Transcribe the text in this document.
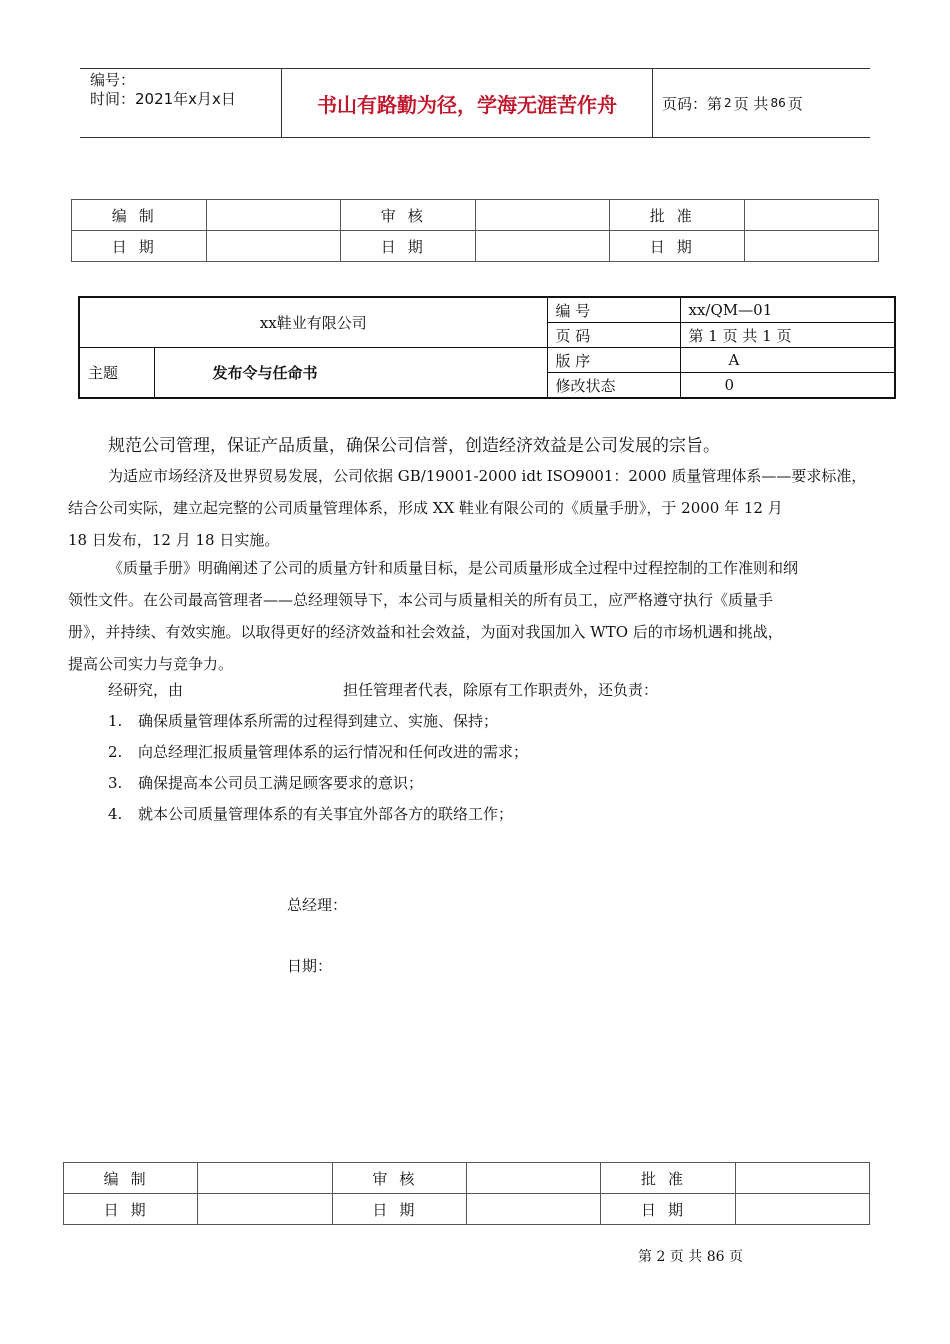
编号：
时间：2021年x月x日	书山有路勤为径，学海无涯苦作舟	页码：第 2 页 共 86 页
编制		审核		批准	
日期		日期		日期	
xx鞋业有限公司		编 号	xx/QM—01
		页 码	第 1 页 共 1 页
主题	发布令与任命书	版 序	A
		修改状态	0
规范公司管理，保证产品质量，确保公司信誉，创造经济效益是公司发展的宗旨。
为适应市场经济及世界贸易发展，公司依据 GB/19001-2000 idt ISO9001：2000 质量管理体系——要求标准，
结合公司实际，建立起完整的公司质量管理体系，形成 XX 鞋业有限公司的《质量手册》，于 2000 年 12 月
18 日发布，12 月 18 日实施。
《质量手册》明确阐述了公司的质量方针和质量目标，是公司质量形成全过程中过程控制的工作准则和纲
领性文件。在公司最高管理者——总经理领导下，本公司与质量相关的所有员工，应严格遵守执行《质量手
册》，并持续、有效实施。以取得更好的经济效益和社会效益，为面对我国加入 WTO 后的市场机遇和挑战，
提高公司实力与竞争力。
经研究，由	担任管理者代表，除原有工作职责外，还负责：
1. 确保质量管理体系所需的过程得到建立、实施、保持；
2. 向总经理汇报质量管理体系的运行情况和任何改进的需求；
3. 确保提高本公司员工满足顾客要求的意识；
4. 就本公司质量管理体系的有关事宜外部各方的联络工作；
总经理：
日期：
编制		审核		批准	
日期		日期		日期	
第 2 页 共 86 页
